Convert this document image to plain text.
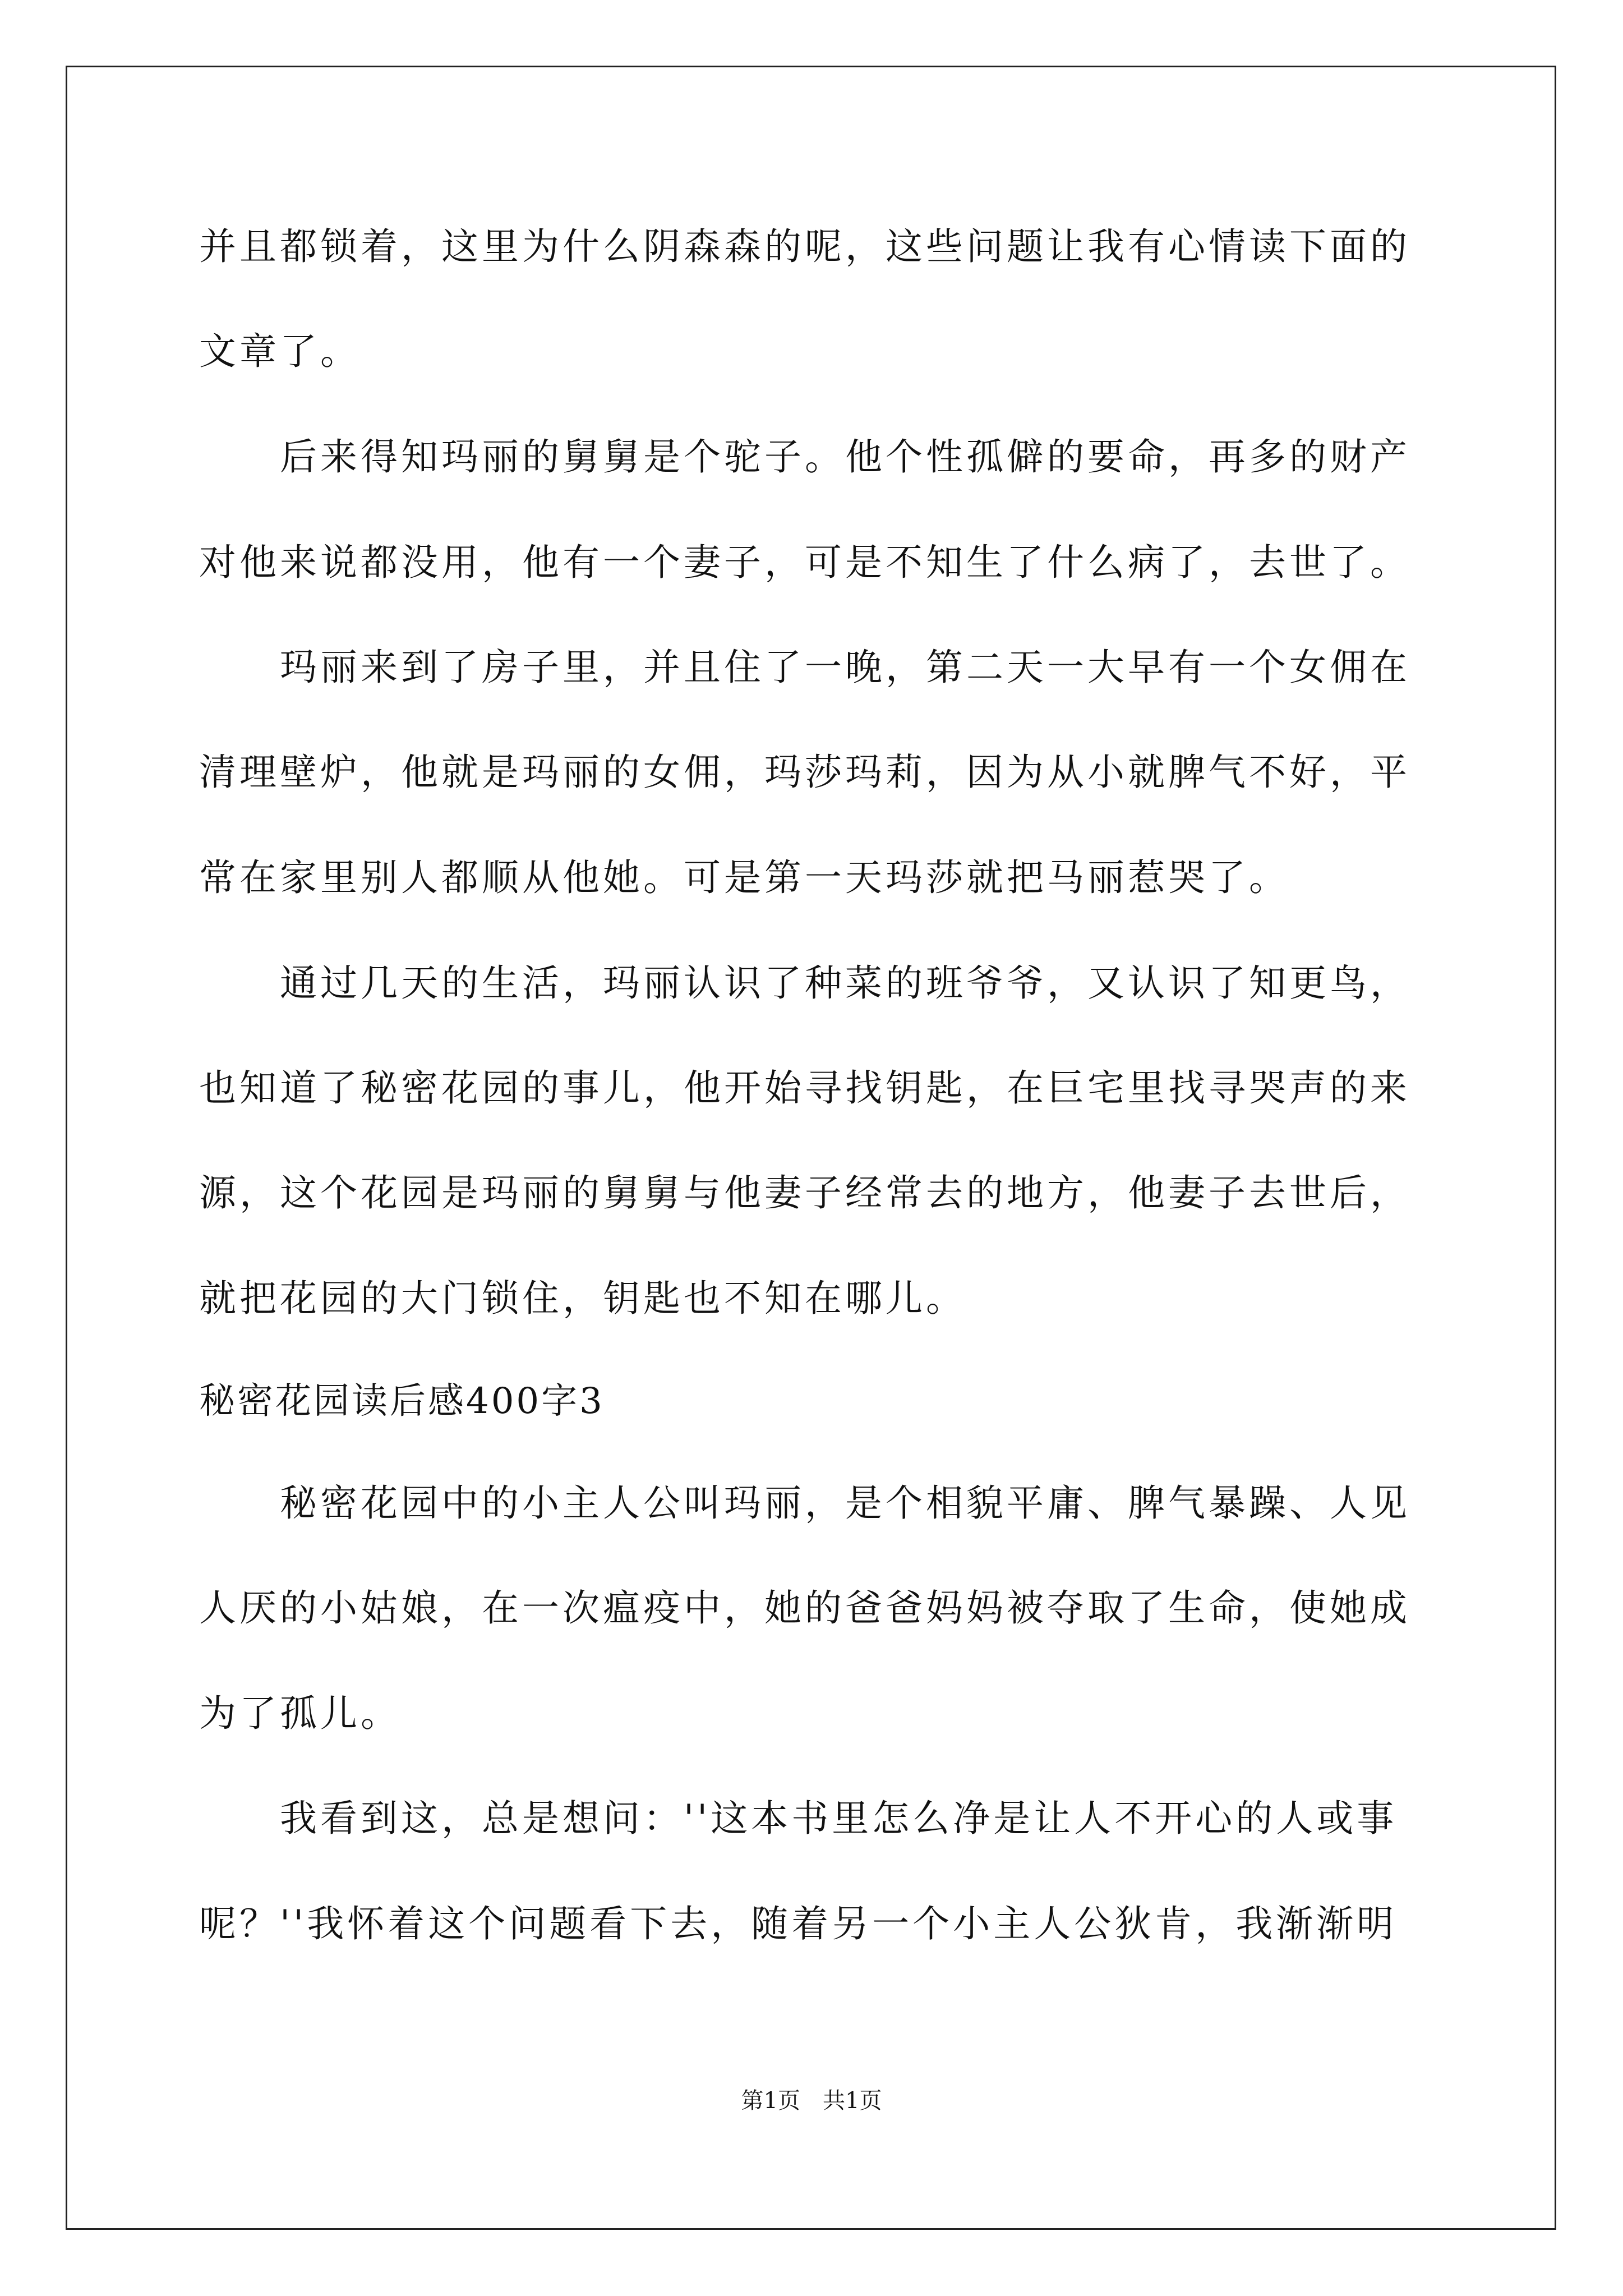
并且都锁着，这里为什么阴森森的呢，这些问题让我有心情读下面的
文章了。
　　后来得知玛丽的舅舅是个驼子。他个性孤僻的要命，再多的财产
对他来说都没用，他有一个妻子，可是不知生了什么病了，去世了。
　　玛丽来到了房子里，并且住了一晚，第二天一大早有一个女佣在
清理壁炉，他就是玛丽的女佣，玛莎玛莉，因为从小就脾气不好，平
常在家里别人都顺从他她。可是第一天玛莎就把马丽惹哭了。
　　通过几天的生活，玛丽认识了种菜的班爷爷，又认识了知更鸟，
也知道了秘密花园的事儿，他开始寻找钥匙，在巨宅里找寻哭声的来
源，这个花园是玛丽的舅舅与他妻子经常去的地方，他妻子去世后，
就把花园的大门锁住，钥匙也不知在哪儿。
秘密花园读后感400字3
　　秘密花园中的小主人公叫玛丽，是个相貌平庸、脾气暴躁、人见
人厌的小姑娘，在一次瘟疫中，她的爸爸妈妈被夺取了生命，使她成
为了孤儿。
　　我看到这，总是想问：''这本书里怎么净是让人不开心的人或事
呢？''我怀着这个问题看下去，随着另一个小主人公狄肯，我渐渐明
第1页　共1页
